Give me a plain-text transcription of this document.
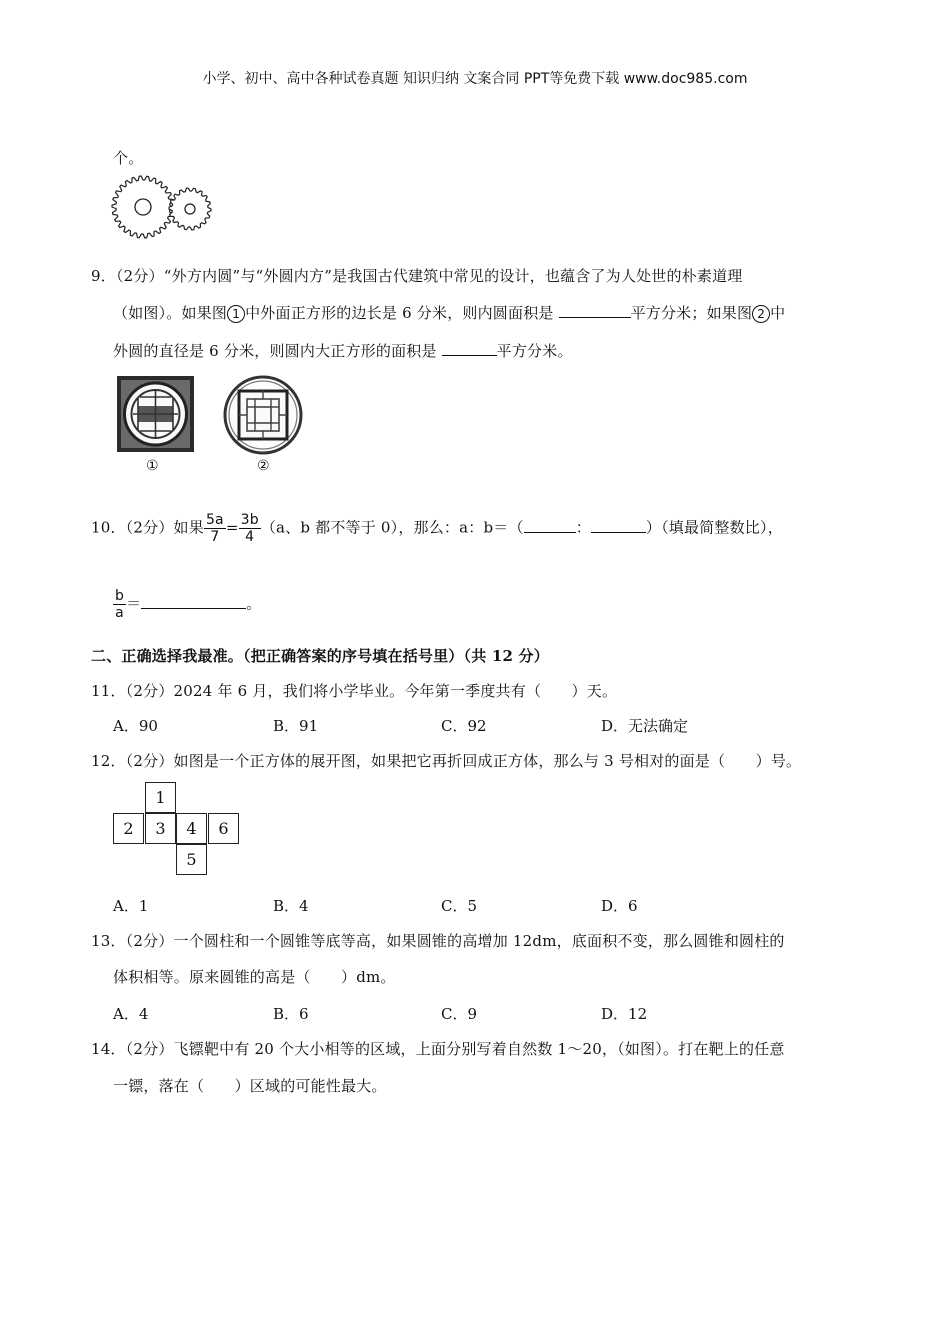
小学、初中、高中各种试卷真题 知识归纳 文案合同 PPT等免费下载 www.doc985.com
个。
9．（2分）“外方内圆”与“外圆内方”是我国古代建筑中常见的设计，也蕴含了为人处世的朴素道理
（如图）。如果图 1 中外面正方形的边长是 6 分米，则内圆面积是	平方分米；如果图 2 中
外圆的直径是 6 分米，则圆内大正方形的面积是	平方分米。
①	②
10．（2分）如果 $\frac{5a}{7} = \frac{3b}{4} (a$、b 都不等于 0），那么：a：b＝（	：	）（填最简整数比），
$\frac{b}{a}$ ＝	。
二、正确选择我最准。（把正确答案的序号填在括号里）（共 12 分）
11．（2分）2024 年 6 月，我们将小学毕业。今年第一季度共有（　　）天。
A．90	B．91	C．92	D．无法确定
12．（2分）如图是一个正方体的展开图，如果把它再折回成正方体，那么与 3 号相对的面是（　　）号。
1
2	3	4	6
5
A．1	B．4	C．5	D．6
13．（2分）一个圆柱和一个圆锥等底等高，如果圆锥的高增加 12dm，底面积不变，那么圆锥和圆柱的
体积相等。原来圆锥的高是（　　）dm。
A．4	B．6	C．9	D．12
14．（2分）飞镖靶中有 20 个大小相等的区域，上面分别写着自然数 1～20，（如图）。打在靶上的任意
一镖，落在（　　）区域的可能性最大。
